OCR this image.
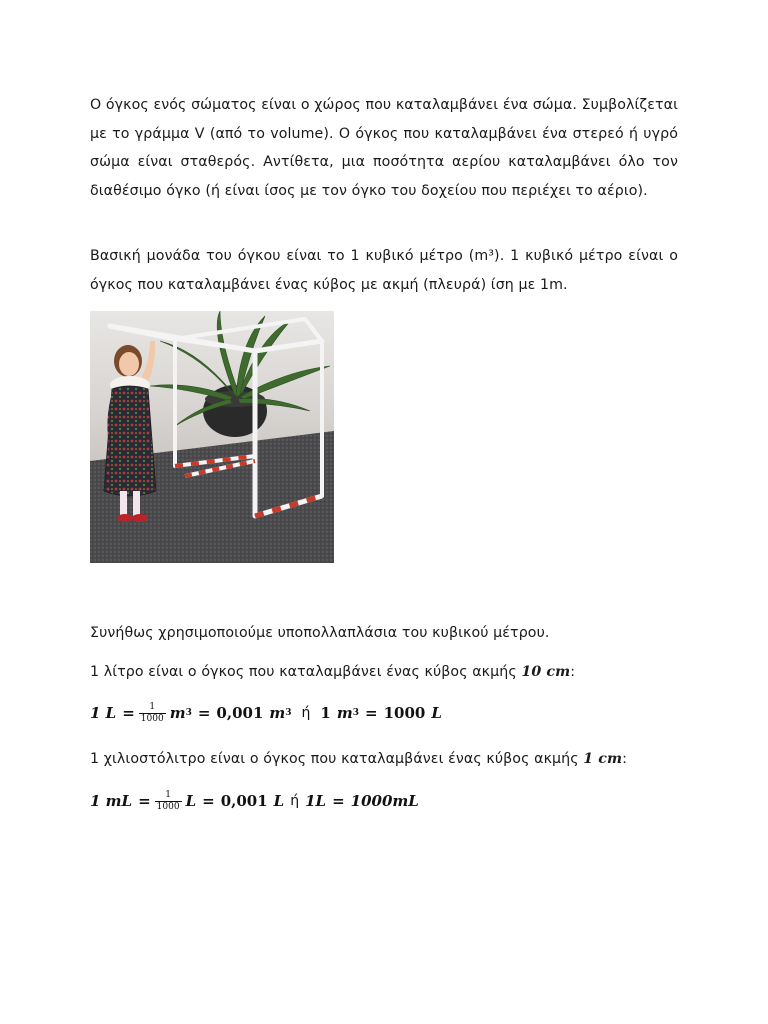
Ο όγκος ενός σώματος είναι ο χώρος που καταλαμβάνει ένα σώμα. Συμβολίζεται με το γράμμα V (από το volume). Ο όγκος που καταλαμβάνει ένα στερεό ή υγρό σώμα είναι σταθερός. Αντίθετα, μια ποσότητα αερίου καταλαμβάνει όλο τον διαθέσιμο όγκο (ή είναι ίσος με τον όγκο του δοχείου που περιέχει το αέριο).

Βασική μονάδα του όγκου είναι το 1 κυβικό μέτρο (m³). 1 κυβικό μέτρο είναι ο όγκος που καταλαμβάνει ένας κύβος με ακμή (πλευρά) ίση με 1m.

Συνήθως χρησιμοποιούμε υποπολλαπλάσια του κυβικού μέτρου.

1 λίτρο είναι ο όγκος που καταλαμβάνει ένας κύβος ακμής 10 cm:

1 $L = \frac{1}{1000}$ m 3 = 0,001 m 3 ή 1 m 3 = 1000 L

1 χιλιοστόλιτρο είναι ο όγκος που καταλαμβάνει ένας κύβος ακμής 1 cm:

1 mL = $\frac{1}{1000}$ L = 0,001 L ή 1L = 1000mL
